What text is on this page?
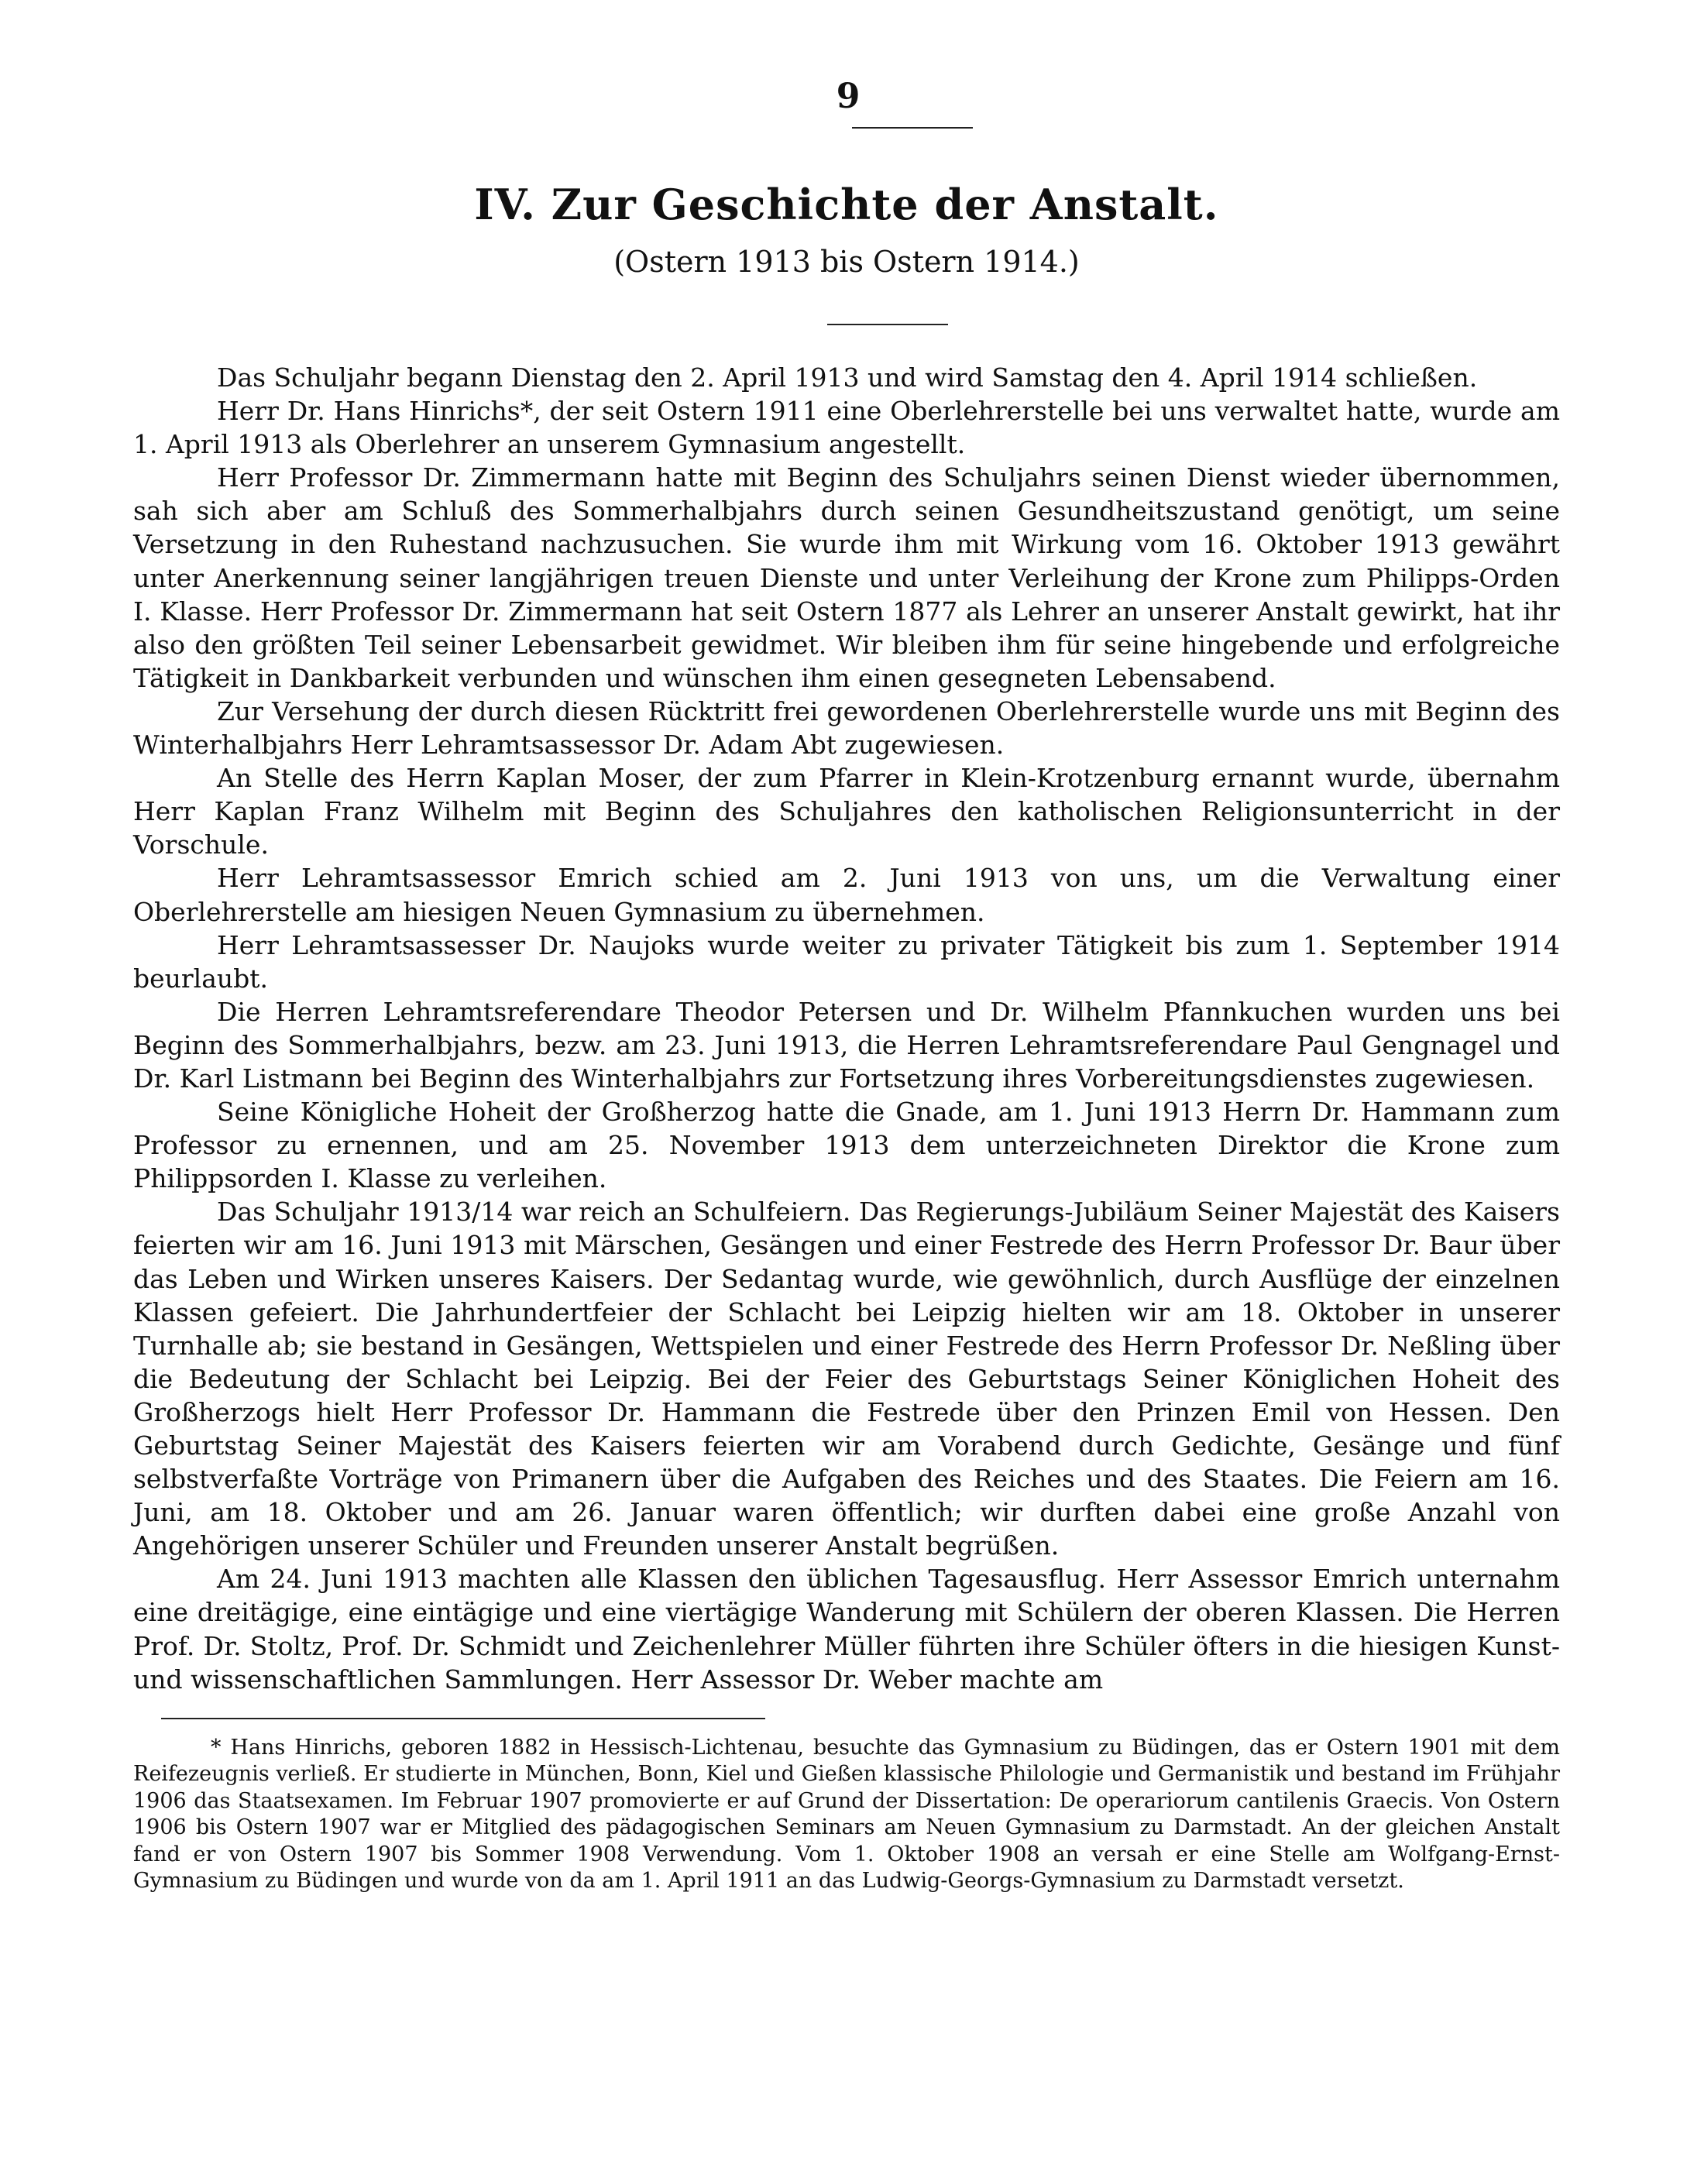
9
IV. Zur Geschichte der Anstalt.
(Ostern 1913 bis Ostern 1914.)

Das Schuljahr begann Dienstag den 2. April 1913 und wird Samstag den 4. April 1914 schließen.

Herr Dr. Hans Hinrichs*, der seit Ostern 1911 eine Oberlehrerstelle bei uns verwaltet hatte, wurde am 1. April 1913 als Oberlehrer an unserem Gymnasium angestellt.

Herr Professor Dr. Zimmermann hatte mit Beginn des Schuljahrs seinen Dienst wieder übernommen, sah sich aber am Schluß des Sommerhalbjahrs durch seinen Gesundheitszustand genötigt, um seine Versetzung in den Ruhestand nachzusuchen. Sie wurde ihm mit Wirkung vom 16. Oktober 1913 gewährt unter Anerkennung seiner langjährigen treuen Dienste und unter Verleihung der Krone zum Philipps-Orden I. Klasse. Herr Professor Dr. Zimmermann hat seit Ostern 1877 als Lehrer an unserer Anstalt gewirkt, hat ihr also den größten Teil seiner Lebensarbeit gewidmet. Wir bleiben ihm für seine hingebende und erfolgreiche Tätigkeit in Dankbarkeit verbunden und wünschen ihm einen gesegneten Lebensabend.

Zur Versehung der durch diesen Rücktritt frei gewordenen Oberlehrerstelle wurde uns mit Beginn des Winterhalbjahrs Herr Lehramtsassessor Dr. Adam Abt zugewiesen.

An Stelle des Herrn Kaplan Moser, der zum Pfarrer in Klein-Krotzenburg ernannt wurde, übernahm Herr Kaplan Franz Wilhelm mit Beginn des Schuljahres den katholischen Religionsunterricht in der Vorschule.

Herr Lehramtsassessor Emrich schied am 2. Juni 1913 von uns, um die Verwaltung einer Oberlehrerstelle am hiesigen Neuen Gymnasium zu übernehmen.

Herr Lehramtsassesser Dr. Naujoks wurde weiter zu privater Tätigkeit bis zum 1. September 1914 beurlaubt.

Die Herren Lehramtsreferendare Theodor Petersen und Dr. Wilhelm Pfannkuchen wurden uns bei Beginn des Sommerhalbjahrs, bezw. am 23. Juni 1913, die Herren Lehramtsreferendare Paul Gengnagel und Dr. Karl Listmann bei Beginn des Winterhalbjahrs zur Fortsetzung ihres Vorbereitungsdienstes zugewiesen.

Seine Königliche Hoheit der Großherzog hatte die Gnade, am 1. Juni 1913 Herrn Dr. Hammann zum Professor zu ernennen, und am 25. November 1913 dem unterzeichneten Direktor die Krone zum Philippsorden I. Klasse zu verleihen.

Das Schuljahr 1913/14 war reich an Schulfeiern. Das Regierungs-Jubiläum Seiner Majestät des Kaisers feierten wir am 16. Juni 1913 mit Märschen, Gesängen und einer Festrede des Herrn Professor Dr. Baur über das Leben und Wirken unseres Kaisers. Der Sedantag wurde, wie gewöhnlich, durch Ausflüge der einzelnen Klassen gefeiert. Die Jahrhundertfeier der Schlacht bei Leipzig hielten wir am 18. Oktober in unserer Turnhalle ab; sie bestand in Gesängen, Wettspielen und einer Festrede des Herrn Professor Dr. Neßling über die Bedeutung der Schlacht bei Leipzig. Bei der Feier des Geburtstags Seiner Königlichen Hoheit des Großherzogs hielt Herr Professor Dr. Hammann die Festrede über den Prinzen Emil von Hessen. Den Geburtstag Seiner Majestät des Kaisers feierten wir am Vorabend durch Gedichte, Gesänge und fünf selbstverfaßte Vorträge von Primanern über die Aufgaben des Reiches und des Staates. Die Feiern am 16. Juni, am 18. Oktober und am 26. Januar waren öffentlich; wir durften dabei eine große Anzahl von Angehörigen unserer Schüler und Freunden unserer Anstalt begrüßen.

Am 24. Juni 1913 machten alle Klassen den üblichen Tagesausflug. Herr Assessor Emrich unternahm eine dreitägige, eine eintägige und eine viertägige Wanderung mit Schülern der oberen Klassen. Die Herren Prof. Dr. Stoltz, Prof. Dr. Schmidt und Zeichenlehrer Müller führten ihre Schüler öfters in die hiesigen Kunst- und wissenschaftlichen Sammlungen. Herr Assessor Dr. Weber machte am

* Hans Hinrichs, geboren 1882 in Hessisch-Lichtenau, besuchte das Gymnasium zu Büdingen, das er Ostern 1901 mit dem Reifezeugnis verließ. Er studierte in München, Bonn, Kiel und Gießen klassische Philologie und Germanistik und bestand im Frühjahr 1906 das Staatsexamen. Im Februar 1907 promovierte er auf Grund der Dissertation: De operariorum cantilenis Graecis. Von Ostern 1906 bis Ostern 1907 war er Mitglied des pädagogischen Seminars am Neuen Gymnasium zu Darmstadt. An der gleichen Anstalt fand er von Ostern 1907 bis Sommer 1908 Verwendung. Vom 1. Oktober 1908 an versah er eine Stelle am Wolfgang-Ernst-Gymnasium zu Büdingen und wurde von da am 1. April 1911 an das Ludwig-Georgs-Gymnasium zu Darmstadt versetzt.
